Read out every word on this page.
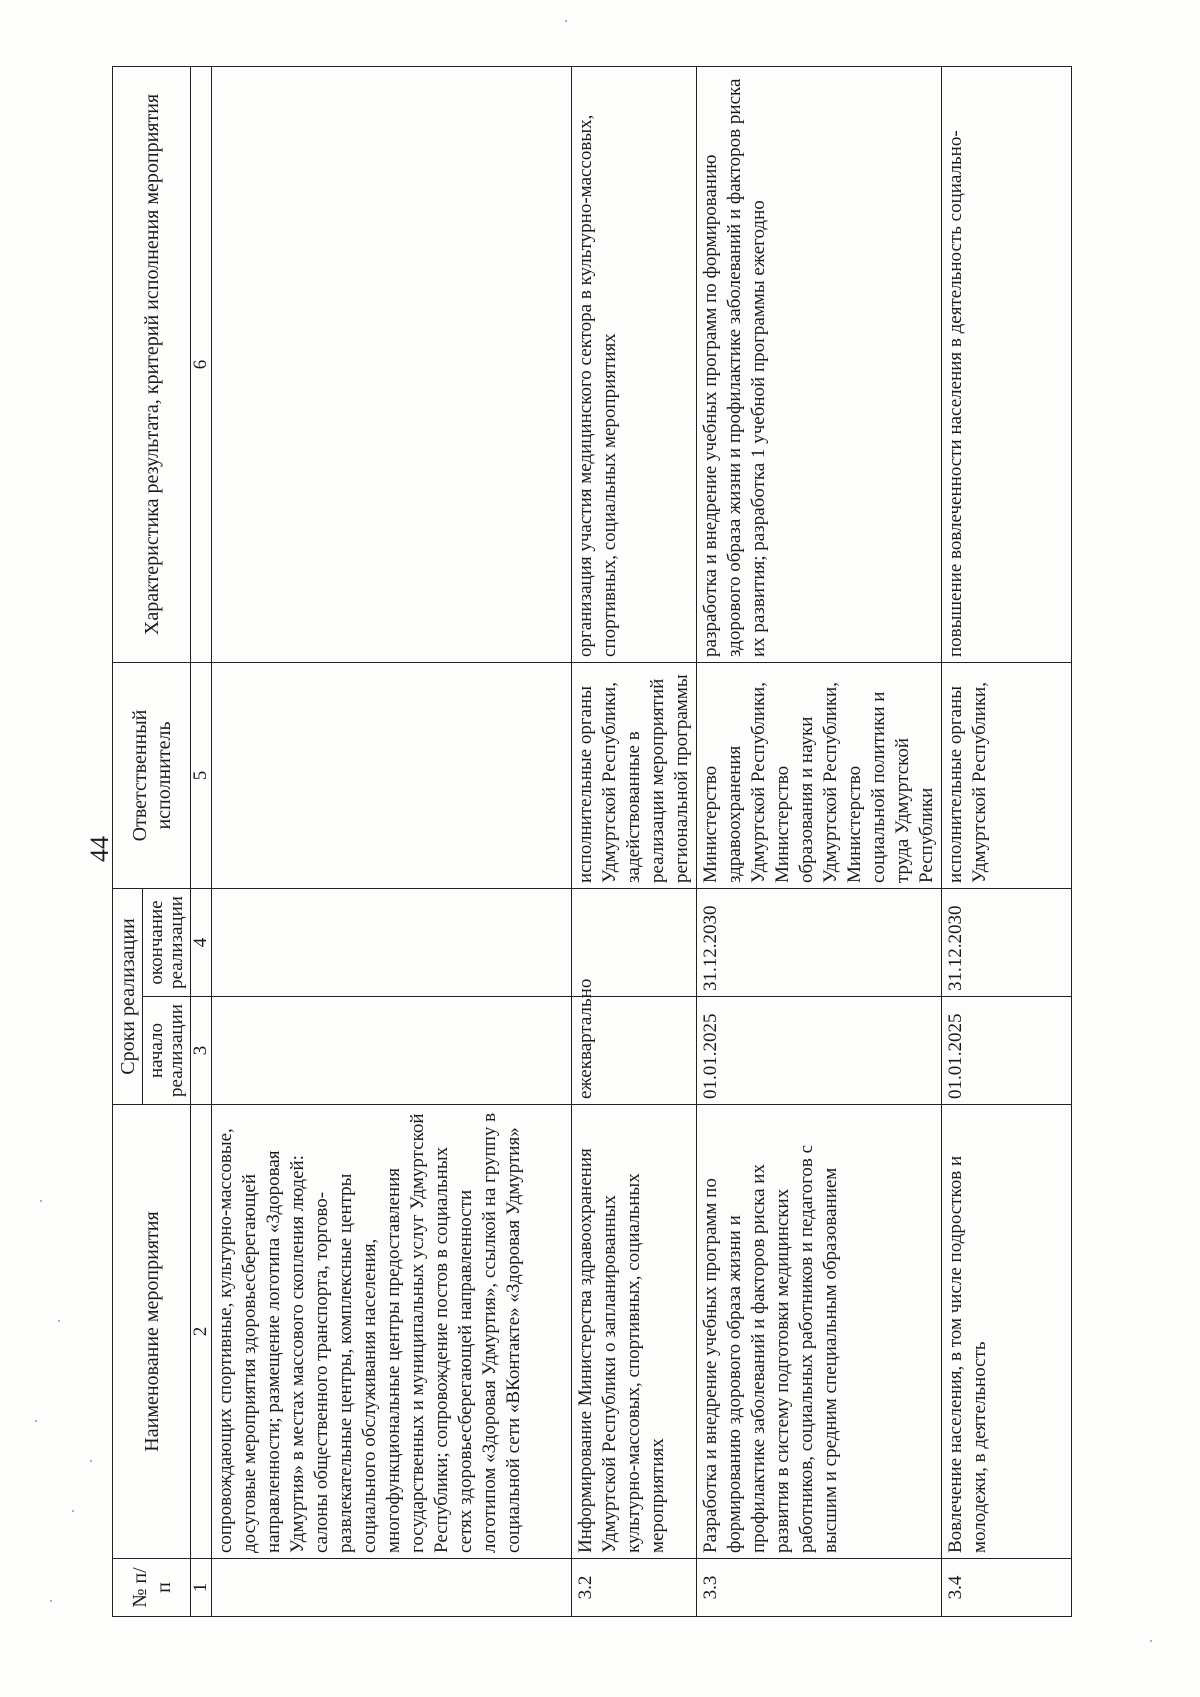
44
№ п/п	Наименование мероприятия	Сроки реализации		Ответственный исполнитель	Характеристика результата, критерий исполнения мероприятия
		начало реализации	окончание реализации		
1	2	3	4	5	6
	сопровождающих спортивные, культурно-массовые, досуговые мероприятия здоровьесберегающей направленности; размещение логотипа «Здоровая Удмуртия» в местах массового скопления людей: салоны общественного транспорта, торгово-развлекательные центры, комплексные центры социального обслуживания населения, многофункциональные центры предоставления государственных и муниципальных услуг Удмуртской Республики; сопровождение постов в социальных сетях здоровьесберегающей направленности логотипом «Здоровая Удмуртия», ссылкой на группу в социальной сети «ВКонтакте» «Здоровая Удмуртия»				
3.2	Информирование Министерства здравоохранения Удмуртской Республики о запланированных культурно-массовых, спортивных, социальных мероприятиях	ежеквартально		исполнительные органы Удмуртской Республики, задействованные в реализации мероприятий региональной программы	организация участия медицинского сектора в культурно-массовых, спортивных, социальных мероприятиях
3.3	Разработка и внедрение учебных программ по формированию здорового образа жизни и профилактике заболеваний и факторов риска их развития в систему подготовки медицинских работников, социальных работников и педагогов с высшим и средним специальным образованием	01.01.2025	31.12.2030	Министерство здравоохранения Удмуртской Республики, Министерство образования и науки Удмуртской Республики, Министерство социальной политики и труда Удмуртской Республики	разработка и внедрение учебных программ по формированию здорового образа жизни и профилактике заболеваний и факторов риска их развития; разработка 1 учебной программы ежегодно
3.4	Вовлечение населения, в том числе подростков и молодежи, в деятельность	01.01.2025	31.12.2030	исполнительные органы Удмуртской Республики,	повышение вовлеченности населения в деятельность социально-
